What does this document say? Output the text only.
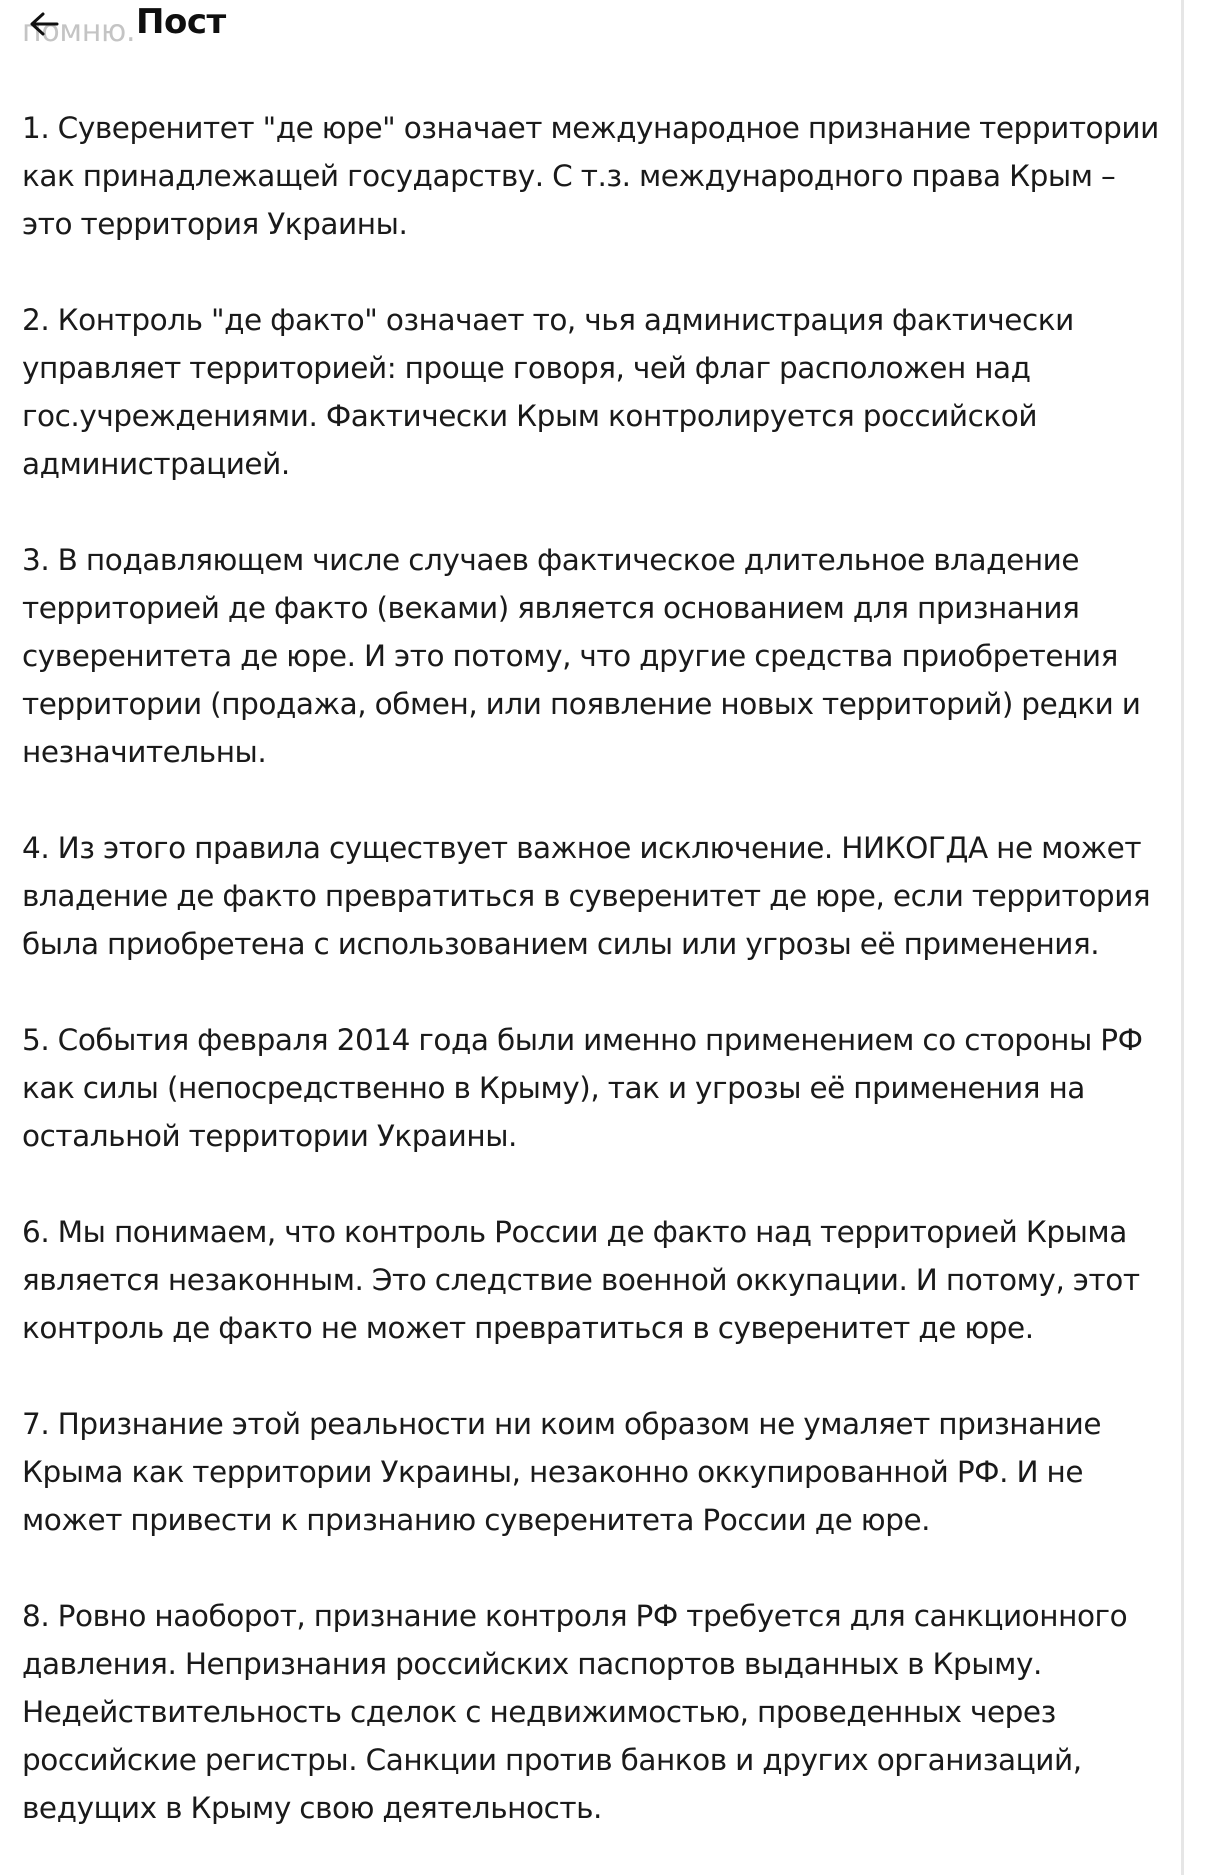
помню. Пост

1. Суверенитет "де юре" означает международное признание территории как принадлежащей государству. С т.з. международного права Крым – это территория Украины.

2. Контроль "де факто" означает то, чья администрация фактически управляет территорией: проще говоря, чей флаг расположен над гос.учреждениями. Фактически Крым контролируется российской администрацией.

3. В подавляющем числе случаев фактическое длительное владение территорией де факто (веками) является основанием для признания суверенитета де юре. И это потому, что другие средства приобретения территории (продажа, обмен, или появление новых территорий) редки и незначительны.

4. Из этого правила существует важное исключение. НИКОГДА не может владение де факто превратиться в суверенитет де юре, если территория была приобретена с использованием силы или угрозы её применения.

5. События февраля 2014 года были именно применением со стороны РФ как силы (непосредственно в Крыму), так и угрозы её применения на остальной территории Украины.

6. Мы понимаем, что контроль России де факто над территорией Крыма является незаконным. Это следствие военной оккупации. И потому, этот контроль де факто не может превратиться в суверенитет де юре.

7. Признание этой реальности ни коим образом не умаляет признание Крыма как территории Украины, незаконно оккупированной РФ. И не может привести к признанию суверенитета России де юре.

8. Ровно наоборот, признание контроля РФ требуется для санкционного давления. Непризнания российских паспортов выданных в Крыму. Недействительность сделок с недвижимостью, проведенных через российские регистры. Санкции против банков и других организаций, ведущих в Крыму свою деятельность.
